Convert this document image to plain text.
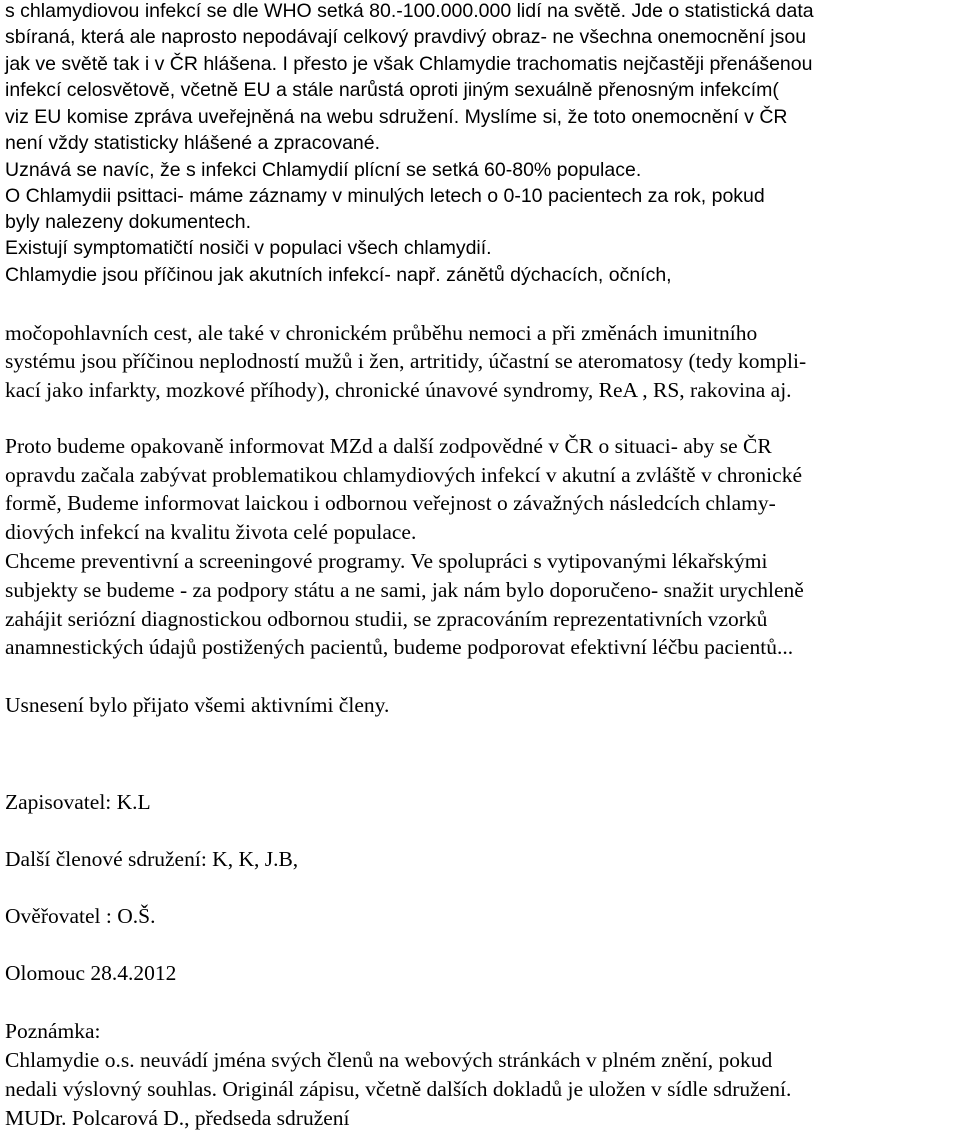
s chlamydiovou infekcí se dle WHO setká 80.-100.000.000 lidí na světě. Jde o statistická data
sbíraná, která ale naprosto nepodávají celkový pravdivý obraz- ne všechna onemocnění jsou
jak ve světě tak i v ČR hlášena. I přesto je však Chlamydie trachomatis nejčastěji přenášenou
infekcí celosvětově, včetně EU a stále narůstá oproti jiným sexuálně přenosným infekcím(
viz EU komise zpráva uveřejněná na webu sdružení. Myslíme si, že toto onemocnění v ČR
není vždy statisticky hlášené a zpracované.
Uznává se navíc, že s infekci Chlamydií plícní se setká 60-80% populace.
O Chlamydii psittaci- máme záznamy v minulých letech o 0-10 pacientech za rok, pokud
byly nalezeny dokumentech.
Existují symptomatičtí nosiči v populaci všech chlamydií.
Chlamydie jsou příčinou jak akutních infekcí- např. zánětů dýchacích, očních,
močopohlavních cest, ale také v chronickém průběhu nemoci a při změnách imunitního
systému jsou příčinou neplodností mužů i žen, artritidy, účastní se ateromatosy (tedy kompli-
kací jako infarkty, mozkové příhody), chronické únavové syndromy, ReA , RS, rakovina aj.
Proto budeme opakovaně informovat MZd a další zodpovědné v ČR o situaci- aby se ČR
opravdu začala zabývat problematikou chlamydiových infekcí v akutní a zvláště v chronické
formě, Budeme informovat laickou i odbornou veřejnost o závažných následcích chlamy-
diových infekcí na kvalitu života celé populace.
Chceme preventivní a screeningové programy. Ve spolupráci s vytipovanými lékařskými
subjekty se budeme - za podpory státu a ne sami, jak nám bylo doporučeno- snažit urychleně
zahájit seriózní diagnostickou odbornou studii, se zpracováním reprezentativních vzorků
anamnestických údajů postižených pacientů, budeme podporovat efektivní léčbu pacientů...
Usnesení bylo přijato všemi aktivními členy.
Zapisovatel: K.L
Další členové sdružení: K, K, J.B,
Ověřovatel : O.Š.
Olomouc 28.4.2012
Poznámka:
Chlamydie o.s. neuvádí jména svých členů na webových stránkách v plném znění, pokud
nedali výslovný souhlas. Originál zápisu, včetně dalších dokladů je uložen v sídle sdružení.
MUDr. Polcarová D., předseda sdružení
